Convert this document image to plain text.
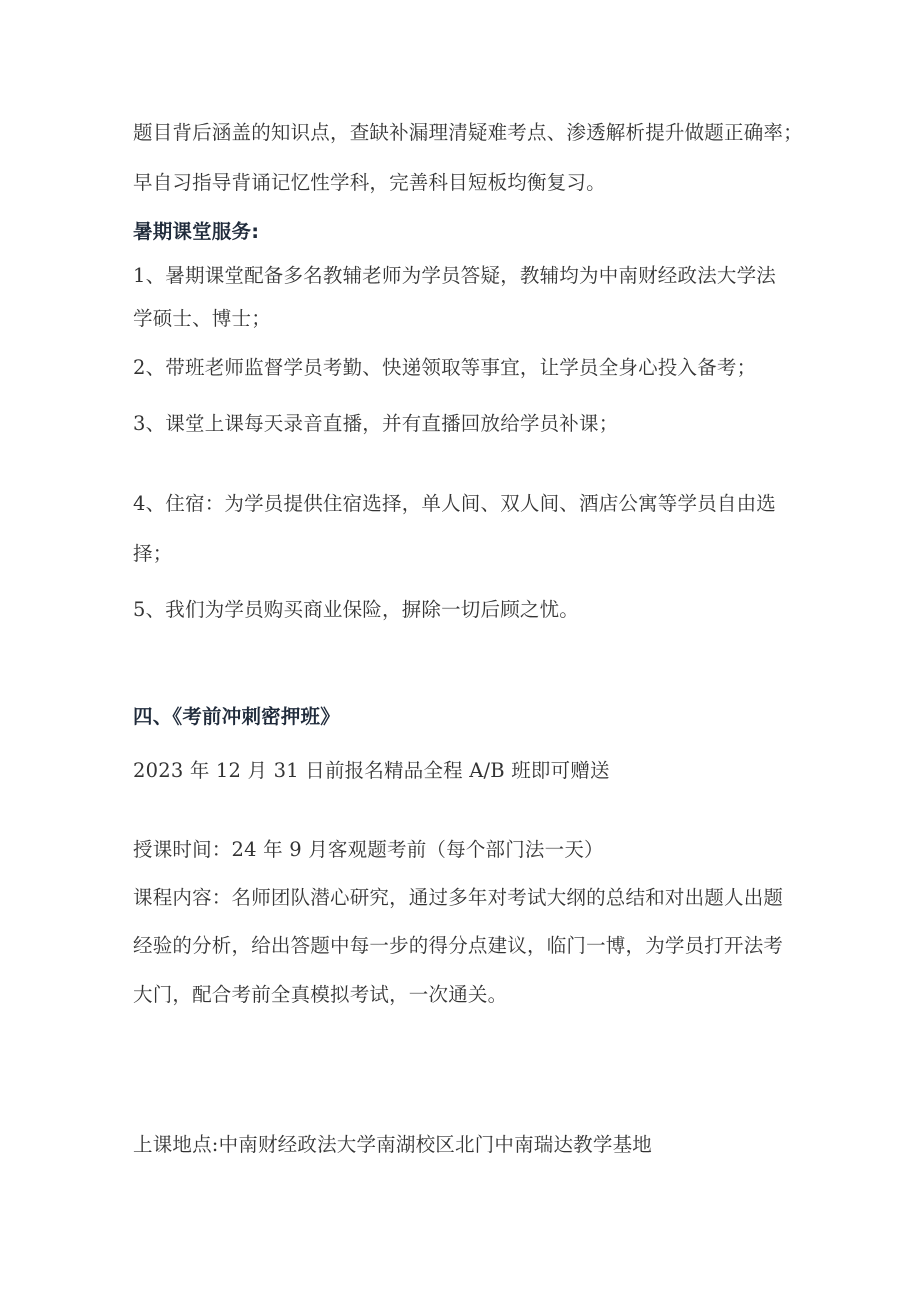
题目背后涵盖的知识点，查缺补漏理清疑难考点、渗透解析提升做题正确率；
早自习指导背诵记忆性学科，完善科目短板均衡复习。
暑期课堂服务:
1、暑期课堂配备多名教辅老师为学员答疑，教辅均为中南财经政法大学法
学硕士、博士；
2、带班老师监督学员考勤、快递领取等事宜，让学员全身心投入备考；
3、课堂上课每天录音直播，并有直播回放给学员补课；
4、住宿：为学员提供住宿选择，单人间、双人间、酒店公寓等学员自由选
择；
5、我们为学员购买商业保险，摒除一切后顾之忧。
四、《考前冲刺密押班》
2023 年 12 月 31 日前报名精品全程 A/B 班即可赠送
授课时间：24 年 9 月客观题考前（每个部门法一天）
课程内容：名师团队潜心研究，通过多年对考试大纲的总结和对出题人出题
经验的分析，给出答题中每一步的得分点建议，临门一博，为学员打开法考
大门，配合考前全真模拟考试，一次通关。
上课地点:中南财经政法大学南湖校区北门中南瑞达教学基地
